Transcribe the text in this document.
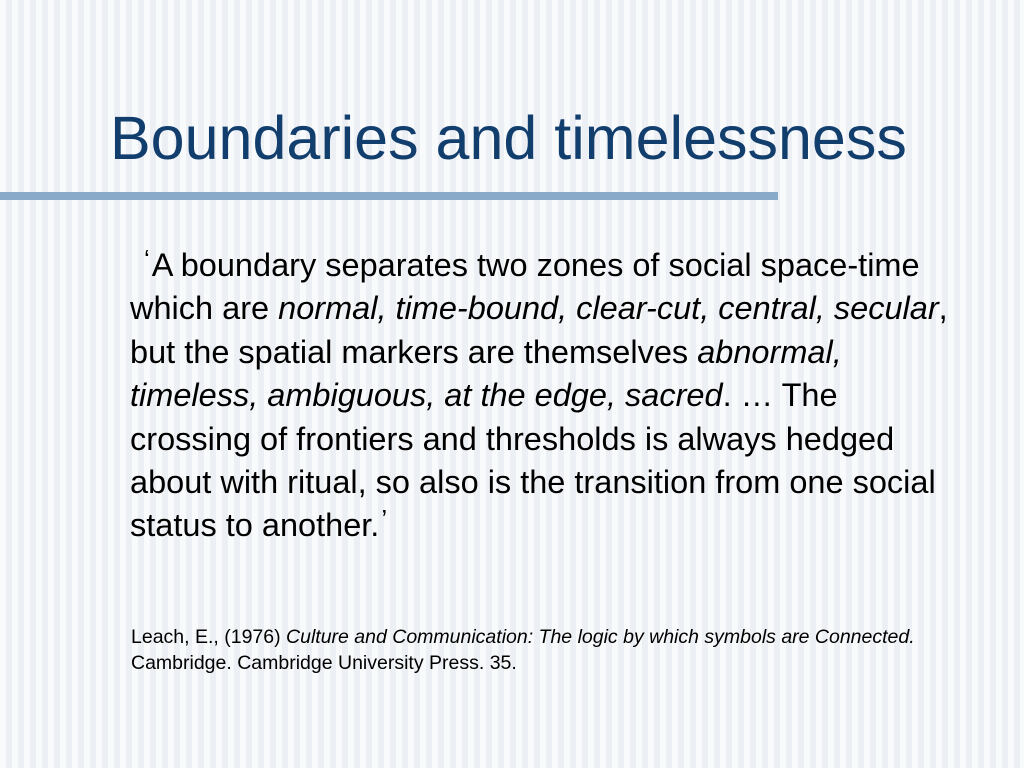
Boundaries and timelessness

‘A boundary separates two zones of social space-time which are normal, time-bound, clear-cut, central, secular, but the spatial markers are themselves abnormal, timeless, ambiguous, at the edge, sacred. … The crossing of frontiers and thresholds is always hedged about with ritual, so also is the transition from one social status to another.’

Leach, E., (1976) Culture and Communication: The logic by which symbols are Connected. Cambridge. Cambridge University Press. 35.
